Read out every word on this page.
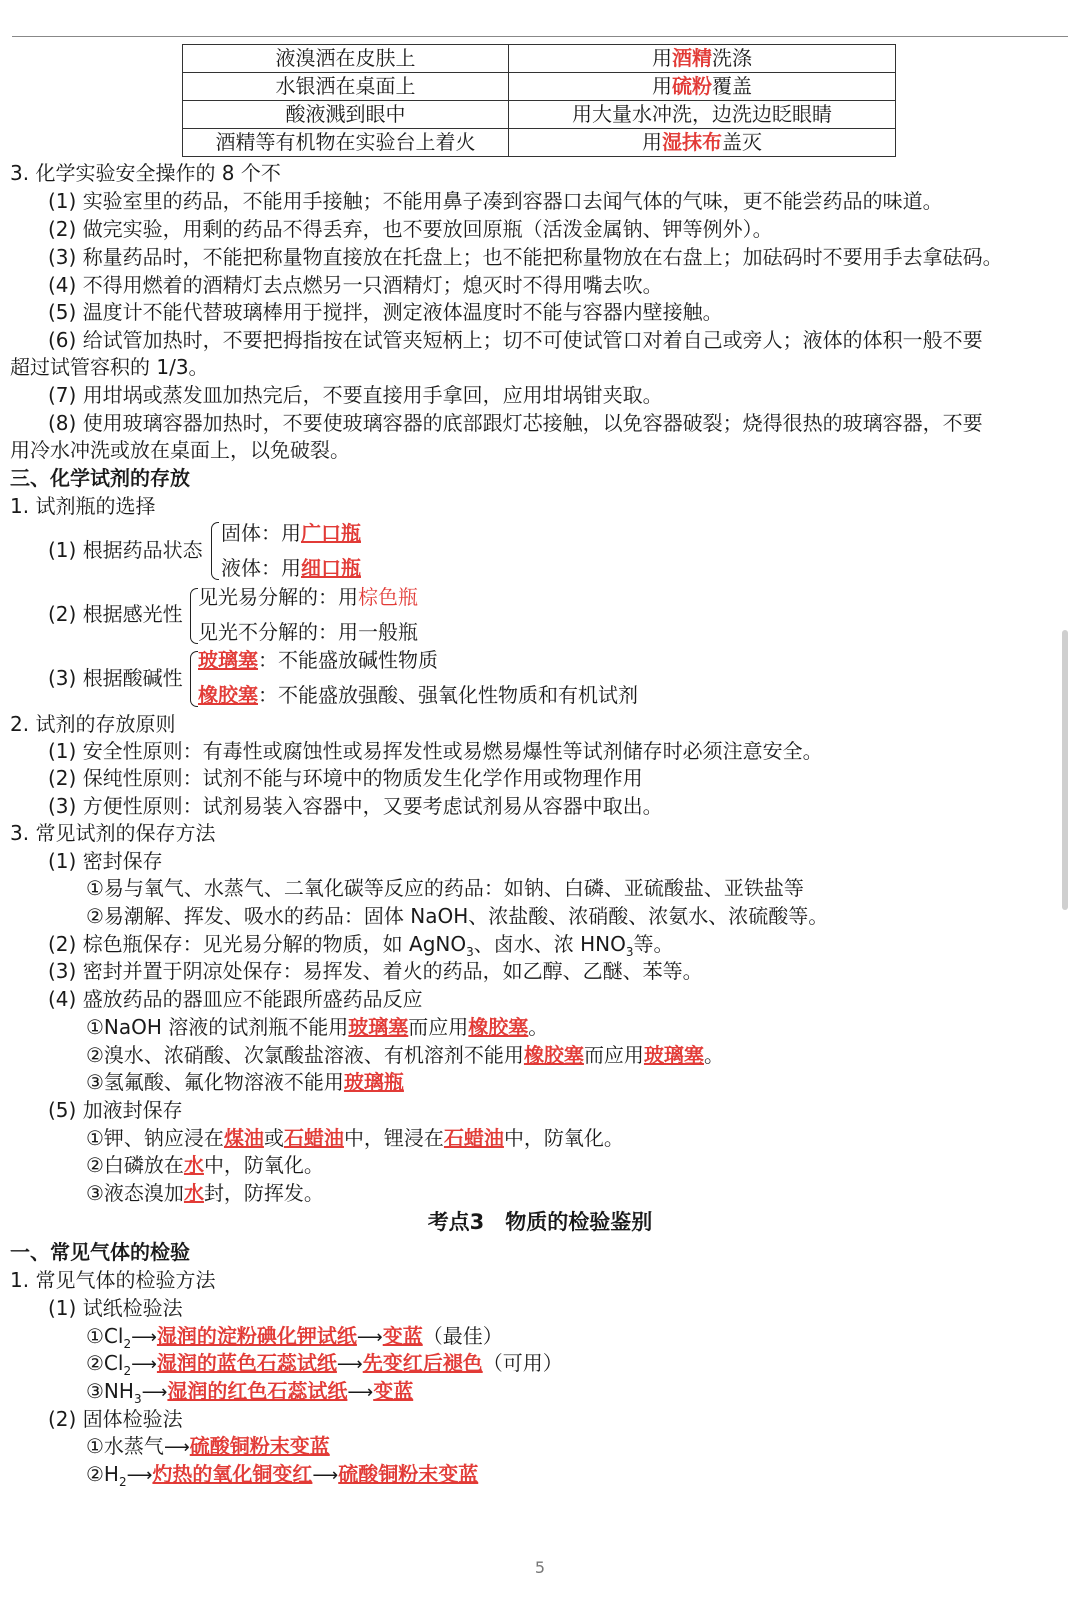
液溴洒在皮肤上	用酒精洗涤
水银洒在桌面上	用硫粉覆盖
酸液溅到眼中	用大量水冲洗，边洗边眨眼睛
酒精等有机物在实验台上着火	用湿抹布盖灭
3. 化学实验安全操作的 8 个不
(1) 实验室里的药品，不能用手接触；不能用鼻子凑到容器口去闻气体的气味，更不能尝药品的味道。
(2) 做完实验，用剩的药品不得丢弃，也不要放回原瓶（活泼金属钠、钾等例外）。
(3) 称量药品时，不能把称量物直接放在托盘上；也不能把称量物放在右盘上；加砝码时不要用手去拿砝码。
(4) 不得用燃着的酒精灯去点燃另一只酒精灯；熄灭时不得用嘴去吹。
(5) 温度计不能代替玻璃棒用于搅拌，测定液体温度时不能与容器内壁接触。
(6) 给试管加热时，不要把拇指按在试管夹短柄上；切不可使试管口对着自己或旁人；液体的体积一般不要
超过试管容积的 1/3。
(7) 用坩埚或蒸发皿加热完后，不要直接用手拿回，应用坩埚钳夹取。
(8) 使用玻璃容器加热时，不要使玻璃容器的底部跟灯芯接触，以免容器破裂；烧得很热的玻璃容器，不要
用冷水冲洗或放在桌面上，以免破裂。
三、化学试剂的存放
1. 试剂瓶的选择
(1) 根据药品状态
固体：用广口瓶
液体：用细口瓶
(2) 根据感光性
见光易分解的：用棕色瓶
见光不分解的：用一般瓶
(3) 根据酸碱性
玻璃塞：不能盛放碱性物质
橡胶塞：不能盛放强酸、强氧化性物质和有机试剂
2. 试剂的存放原则
(1) 安全性原则：有毒性或腐蚀性或易挥发性或易燃易爆性等试剂储存时必须注意安全。
(2) 保纯性原则：试剂不能与环境中的物质发生化学作用或物理作用
(3) 方便性原则：试剂易装入容器中，又要考虑试剂易从容器中取出。
3. 常见试剂的保存方法
(1) 密封保存
①易与氧气、水蒸气、二氧化碳等反应的药品：如钠、白磷、亚硫酸盐、亚铁盐等
②易潮解、挥发、吸水的药品：固体 NaOH、浓盐酸、浓硝酸、浓氨水、浓硫酸等。
(2) 棕色瓶保存：见光易分解的物质，如 AgNO$_3$、卤水、浓 $HNO_3$等。
(3) 密封并置于阴凉处保存：易挥发、着火的药品，如乙醇、乙醚、苯等。
(4) 盛放药品的器皿应不能跟所盛药品反应
①NaOH 溶液的试剂瓶不能用玻璃塞而应用橡胶塞。
②溴水、浓硝酸、次氯酸盐溶液、有机溶剂不能用橡胶塞而应用玻璃塞。
③氢氟酸、氟化物溶液不能用玻璃瓶
(5) 加液封保存
①钾、钠应浸在煤油或石蜡油中，锂浸在石蜡油中，防氧化。
②白磷放在水中，防氧化。
③液态溴加水封，防挥发。
考点3　物质的检验鉴别
一、常见气体的检验
1. 常见气体的检验方法
(1) 试纸检验法
$①Cl_2⟶$湿润的淀粉碘化钾试纸⟶变蓝（最佳）
$②Cl_2⟶$湿润的蓝色石蕊试纸⟶先变红后褪色（可用）
$③NH_3⟶$湿润的红色石蕊试纸⟶变蓝
(2) 固体检验法
①水蒸气⟶硫酸铜粉末变蓝
$②H_2⟶$灼热的氧化铜变红⟶硫酸铜粉末变蓝
5
